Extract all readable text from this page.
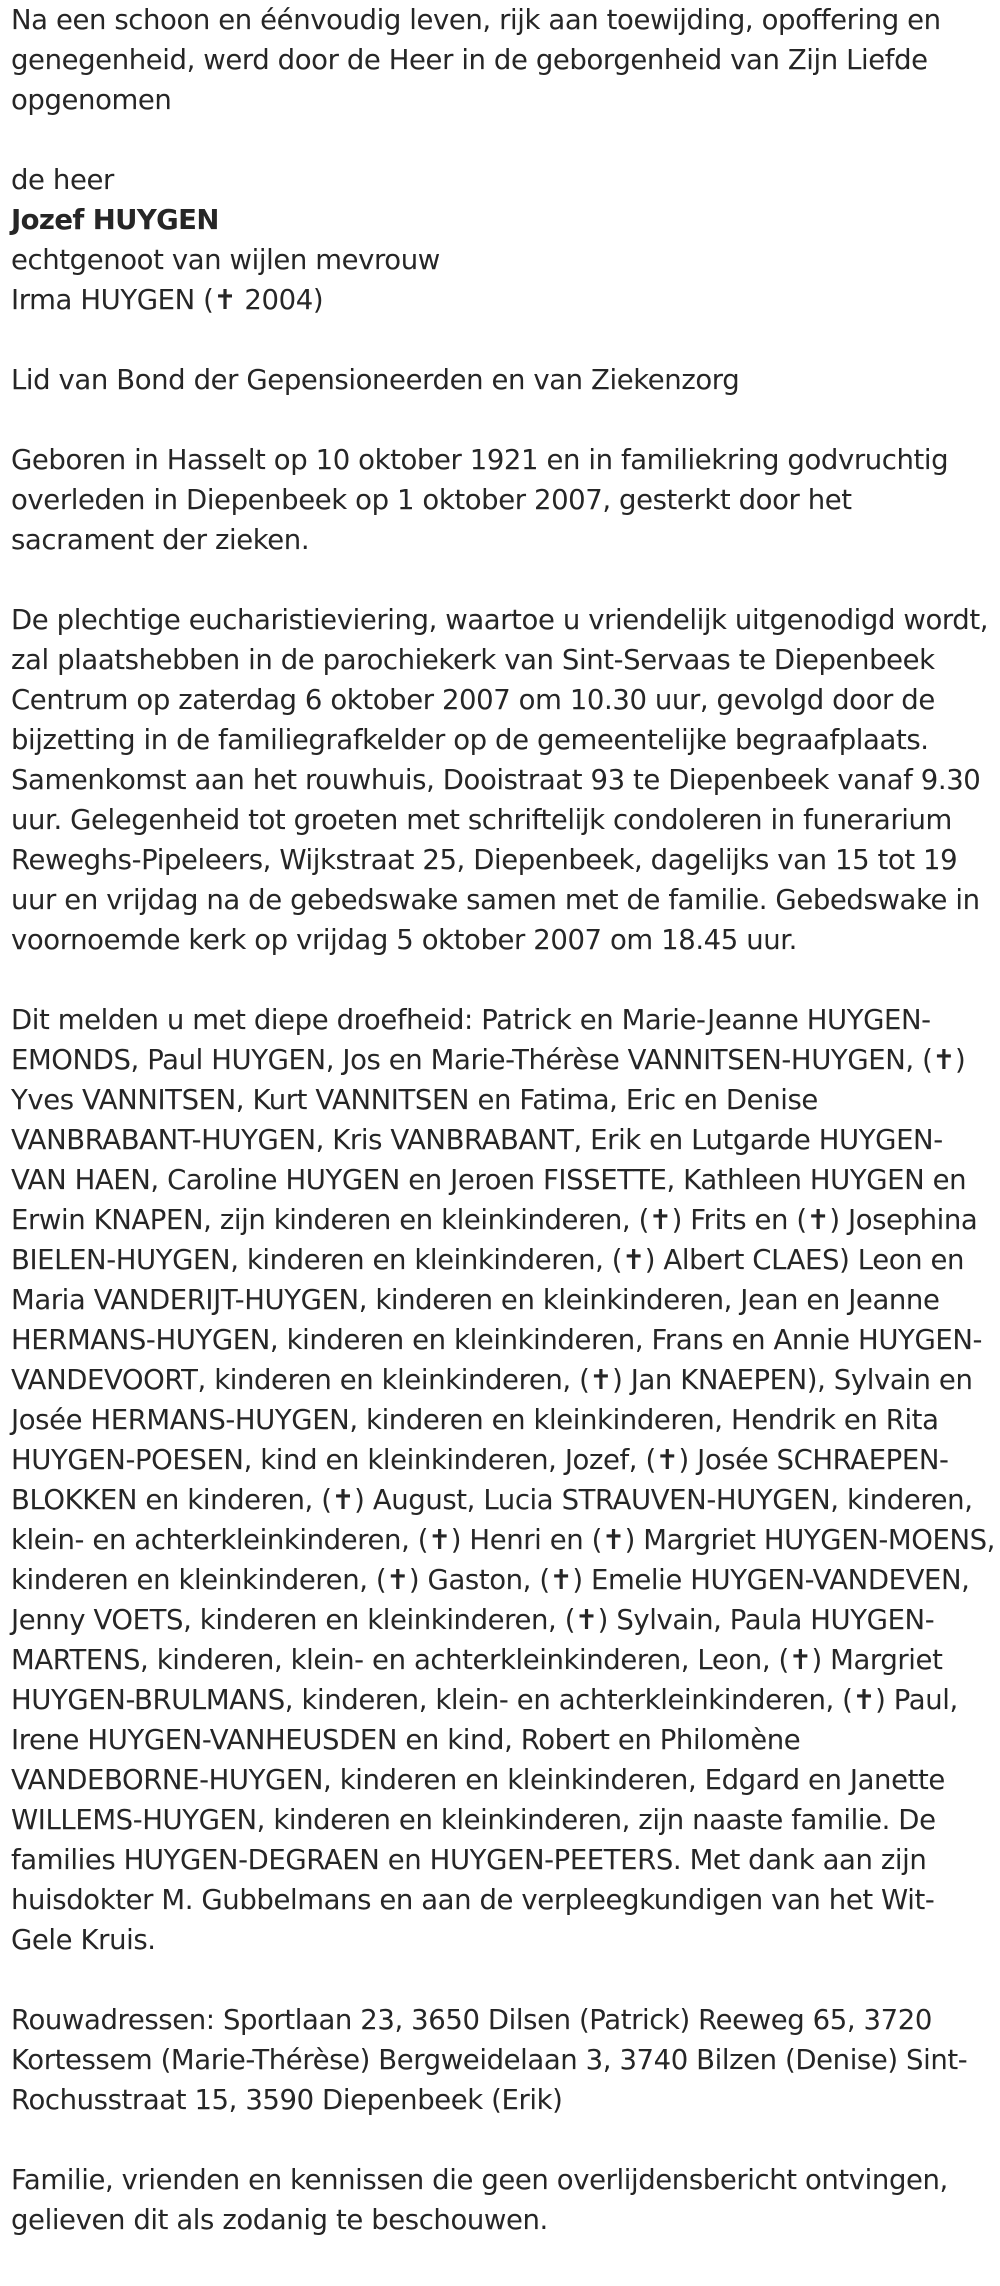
Na een schoon en éénvoudig leven, rijk aan toewijding, opoffering en genegenheid, werd door de Heer in de geborgenheid van Zijn Liefde opgenomen

de heer

Jozef HUYGEN

echtgenoot van wijlen mevrouw

Irma HUYGEN (✝ 2004)

Lid van Bond der Gepensioneerden en van Ziekenzorg

Geboren in Hasselt op 10 oktober 1921 en in familiekring godvruchtig overleden in Diepenbeek op 1 oktober 2007, gesterkt door het sacrament der zieken.

De plechtige eucharistieviering, waartoe u vriendelijk uitgenodigd wordt, zal plaatshebben in de parochiekerk van Sint-Servaas te Diepenbeek Centrum op zaterdag 6 oktober 2007 om 10.30 uur, gevolgd door de bijzetting in de familiegrafkelder op de gemeentelijke begraafplaats. Samenkomst aan het rouwhuis, Dooistraat 93 te Diepenbeek vanaf 9.30 uur. Gelegenheid tot groeten met schriftelijk condoleren in funerarium Reweghs-Pipeleers, Wijkstraat 25, Diepenbeek, dagelijks van 15 tot 19 uur en vrijdag na de gebedswake samen met de familie. Gebedswake in voornoemde kerk op vrijdag 5 oktober 2007 om 18.45 uur.

Dit melden u met diepe droefheid: Patrick en Marie-Jeanne HUYGEN-EMONDS, Paul HUYGEN, Jos en Marie-Thérèse VANNITSEN-HUYGEN, (✝) Yves VANNITSEN, Kurt VANNITSEN en Fatima, Eric en Denise VANBRABANT-HUYGEN, Kris VANBRABANT, Erik en Lutgarde HUYGEN-VAN HAEN, Caroline HUYGEN en Jeroen FISSETTE, Kathleen HUYGEN en Erwin KNAPEN, zijn kinderen en kleinkinderen, (✝) Frits en (✝) Josephina BIELEN-HUYGEN, kinderen en kleinkinderen, (✝) Albert CLAES) Leon en Maria VANDERIJT-HUYGEN, kinderen en kleinkinderen, Jean en Jeanne HERMANS-HUYGEN, kinderen en kleinkinderen, Frans en Annie HUYGEN-VANDEVOORT, kinderen en kleinkinderen, (✝) Jan KNAEPEN), Sylvain en Josée HERMANS-HUYGEN, kinderen en kleinkinderen, Hendrik en Rita HUYGEN-POESEN, kind en kleinkinderen, Jozef, (✝) Josée SCHRAEPEN-BLOKKEN en kinderen, (✝) August, Lucia STRAUVEN-HUYGEN, kinderen, klein- en achterkleinkinderen, (✝) Henri en (✝) Margriet HUYGEN-MOENS, kinderen en kleinkinderen, (✝) Gaston, (✝) Emelie HUYGEN-VANDEVEN, Jenny VOETS, kinderen en kleinkinderen, (✝) Sylvain, Paula HUYGEN-MARTENS, kinderen, klein- en achterkleinkinderen, Leon, (✝) Margriet HUYGEN-BRULMANS, kinderen, klein- en achterkleinkinderen, (✝) Paul, Irene HUYGEN-VANHEUSDEN en kind, Robert en Philomène VANDEBORNE-HUYGEN, kinderen en kleinkinderen, Edgard en Janette WILLEMS-HUYGEN, kinderen en kleinkinderen, zijn naaste familie. De families HUYGEN-DEGRAEN en HUYGEN-PEETERS. Met dank aan zijn huisdokter M. Gubbelmans en aan de verpleegkundigen van het Wit-Gele Kruis.

Rouwadressen: Sportlaan 23, 3650 Dilsen (Patrick) Reeweg 65, 3720 Kortessem (Marie-Thérèse) Bergweidelaan 3, 3740 Bilzen (Denise) Sint-Rochusstraat 15, 3590 Diepenbeek (Erik)

Familie, vrienden en kennissen die geen overlijdensbericht ontvingen, gelieven dit als zodanig te beschouwen.
